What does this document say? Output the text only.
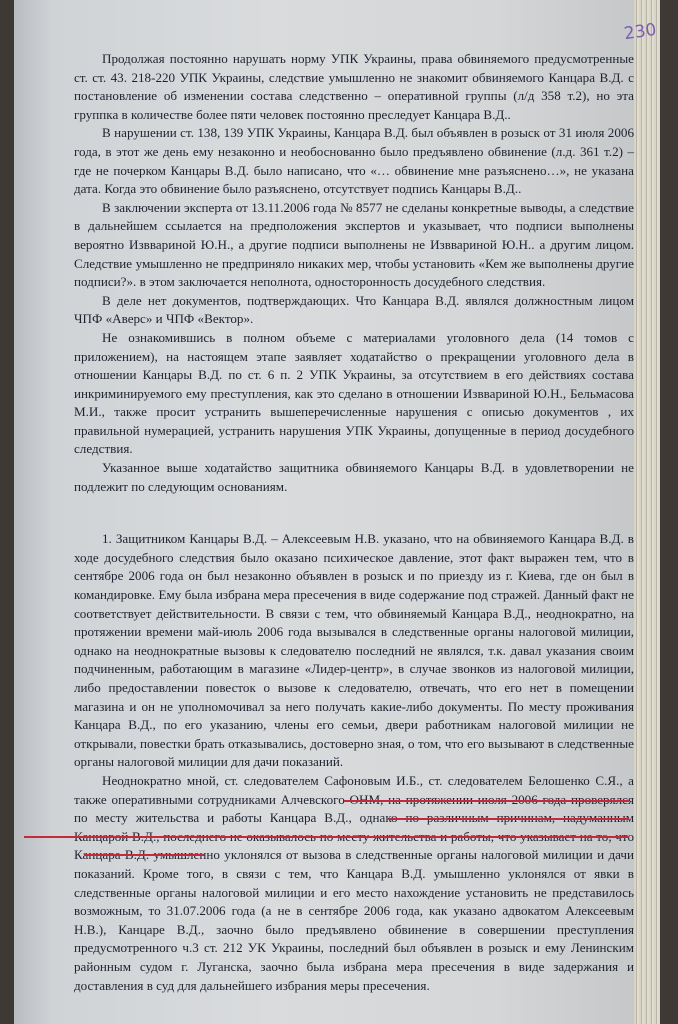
230

Продолжая постоянно нарушать норму УПК Украины, права обвиняемого предусмотренные ст. ст. 43. 218-220 УПК Украины, следствие умышленно не знакомит обвиняемого Канцара В.Д. с постановление об изменении состава следственно – оперативной группы (л/д 358 т.2), но эта группка в количестве более пяти человек постоянно преследует Канцара В.Д..

В нарушении ст. 138, 139 УПК Украины, Канцара В.Д. был объявлен в розыск от 31 июля 2006 года, в этот же день ему незаконно и необоснованно было предъявлено обвинение (л.д. 361 т.2) – где не почерком Канцары В.Д. было написано, что «… обвинение мне разъяснено…», не указана дата. Когда это обвинение было разъяснено, отсутствует подпись Канцары В.Д..

В заключении эксперта от 13.11.2006 года № 8577 не сделаны конкретные выводы, а следствие в дальнейшем ссылается на предположения экспертов и указывает, что подписи выполнены вероятно Изввариной Ю.Н., а другие подписи выполнены не Изввариной Ю.Н.. а другим лицом. Следствие умышленно не предприняло никаких мер, чтобы установить «Кем же выполнены другие подписи?». в этом заключается неполнота, односторонность досудебного следствия.

В деле нет документов, подтверждающих. Что Канцара В.Д. являлся должностным лицом ЧПФ «Аверс» и ЧПФ «Вектор».

Не ознакомившись в полном объеме с материалами уголовного дела (14 томов с приложением), на настоящем этапе заявляет ходатайство о прекращении уголовного дела в отношении Канцары В.Д. по ст. 6 п. 2 УПК Украины, за отсутствием в его действиях состава инкриминируемого ему преступления, как это сделано в отношении Изввариной Ю.Н., Бельмасова М.И., также просит устранить вышеперечисленные нарушения с описью документов , их правильной нумерацией, устранить нарушения УПК Украины, допущенные в период досудебного следствия.

Указанное выше ходатайство защитника обвиняемого Канцары В.Д. в удовлетворении не подлежит по следующим основаниям.

1. Защитником Канцары В.Д. – Алексеевым Н.В. указано, что на обвиняемого Канцара В.Д. в ходе досудебного следствия было оказано психическое давление, этот факт выражен тем, что в сентябре 2006 года он был незаконно объявлен в розыск и по приезду из г. Киева, где он был в командировке. Ему была избрана мера пресечения в виде содержание под стражей. Данный факт не соответствует действительности. В связи с тем, что обвиняемый Канцара В.Д., неоднократно, на протяжении времени май-июль 2006 года вызывался в следственные органы налоговой милиции, однако на неоднократные вызовы к следователю последний не являлся, т.к. давал указания своим подчиненным, работающим в магазине «Лидер-центр», в случае звонков из налоговой милиции, либо предоставлении повесток о вызове к следователю, отвечать, что его нет в помещении магазина и он не уполномочивал за него получать какие-либо документы. По месту проживания Канцара В.Д., по его указанию, члены его семьи, двери работникам налоговой милиции не открывали, повестки брать отказывались, достоверно зная, о том, что его вызывают в следственные органы налоговой милиции для дачи показаний.

Неоднократно мной, ст. следователем Сафоновым И.Б., ст. следователем Белошенко С.Я., а также оперативными сотрудниками Алчевского ОНМ, на протяжении июля 2006 года проверялся по месту жительства и работы Канцара В.Д., однако по различным причинам, надуманным Канцарой В.Д., последнего не оказывалось по месту жительства и работы, что указывает на то, что Канцара В.Д. умышленно уклонялся от вызова в следственные органы налоговой милиции и дачи показаний. Кроме того, в связи с тем, что Канцара В.Д. умышленно уклонялся от явки в следственные органы налоговой милиции и его место нахождение установить не представилось возможным, то 31.07.2006 года (а не в сентябре 2006 года, как указано адвокатом Алексеевым Н.В.), Канцаре В.Д., заочно было предъявлено обвинение в совершении преступления предусмотренного ч.3 ст. 212 УК Украины, последний был объявлен в розыск и ему Ленинским районным судом г. Луганска, заочно была избрана мера пресечения в виде задержания и доставления в суд для дальнейшего избрания меры пресечения.
